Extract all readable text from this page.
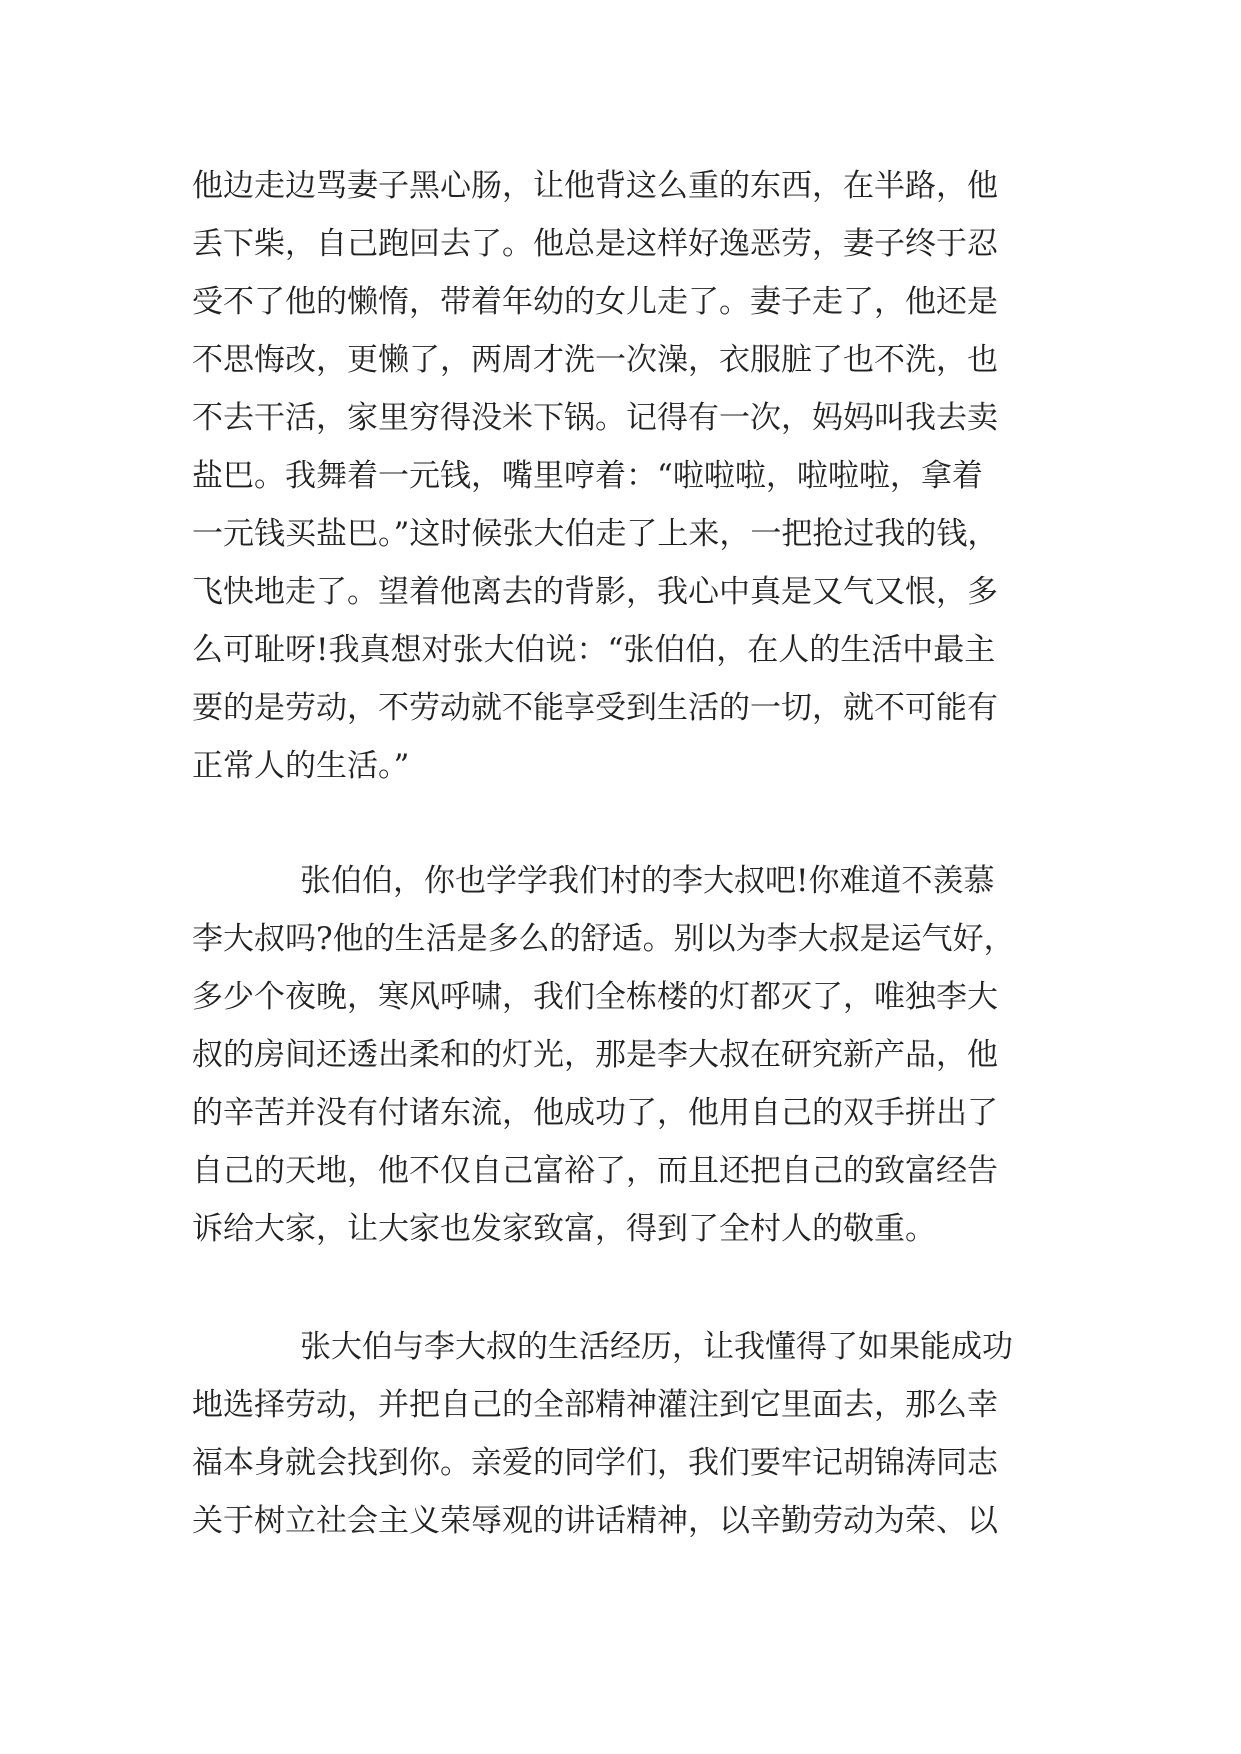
他边走边骂妻子黑心肠，让他背这么重的东西，在半路，他
丢下柴，自己跑回去了。他总是这样好逸恶劳，妻子终于忍
受不了他的懒惰，带着年幼的女儿走了。妻子走了，他还是
不思悔改，更懒了，两周才洗一次澡，衣服脏了也不洗，也
不去干活，家里穷得没米下锅。记得有一次，妈妈叫我去卖
盐巴。我舞着一元钱，嘴里哼着：“啦啦啦，啦啦啦，拿着
一元钱买盐巴。”这时候张大伯走了上来，一把抢过我的钱，
飞快地走了。望着他离去的背影，我心中真是又气又恨，多
么可耻呀!我真想对张大伯说：“张伯伯，在人的生活中最主
要的是劳动，不劳动就不能享受到生活的一切，就不可能有
正常人的生活。”
张伯伯，你也学学我们村的李大叔吧!你难道不羡慕
李大叔吗?他的生活是多么的舒适。别以为李大叔是运气好，
多少个夜晚，寒风呼啸，我们全栋楼的灯都灭了，唯独李大
叔的房间还透出柔和的灯光，那是李大叔在研究新产品，他
的辛苦并没有付诸东流，他成功了，他用自己的双手拼出了
自己的天地，他不仅自己富裕了，而且还把自己的致富经告
诉给大家，让大家也发家致富，得到了全村人的敬重。
张大伯与李大叔的生活经历，让我懂得了如果能成功
地选择劳动，并把自己的全部精神灌注到它里面去，那么幸
福本身就会找到你。亲爱的同学们，我们要牢记胡锦涛同志
关于树立社会主义荣辱观的讲话精神，以辛勤劳动为荣、以
